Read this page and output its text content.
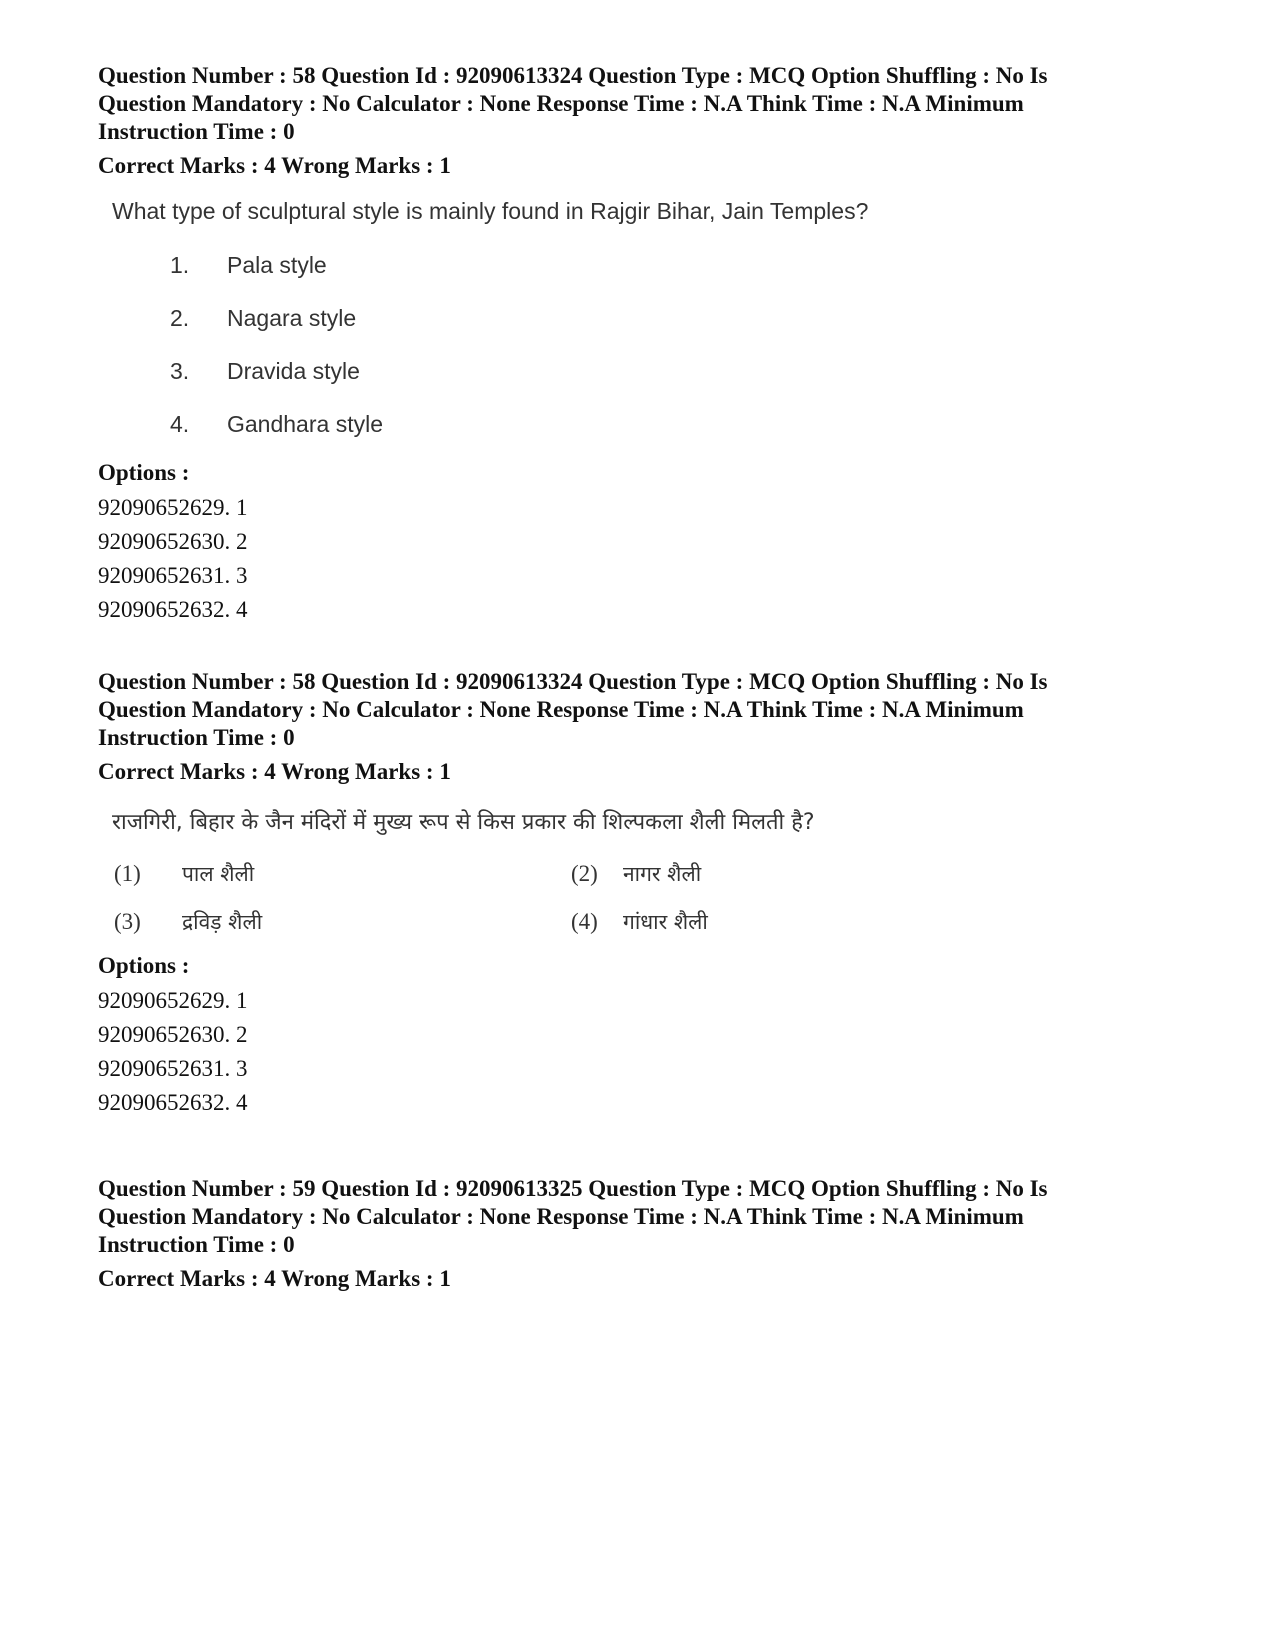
Question Number : 58 Question Id : 92090613324 Question Type : MCQ Option Shuffling : No Is
Question Mandatory : No Calculator : None Response Time : N.A Think Time : N.A Minimum
Instruction Time : 0
Correct Marks : 4 Wrong Marks : 1
What type of sculptural style is mainly found in Rajgir Bihar, Jain Temples?
1.	Pala style
2.	Nagara style
3.	Dravida style
4.	Gandhara style
Options :
92090652629. 1
92090652630. 2
92090652631. 3
92090652632. 4
Question Number : 58 Question Id : 92090613324 Question Type : MCQ Option Shuffling : No Is
Question Mandatory : No Calculator : None Response Time : N.A Think Time : N.A Minimum
Instruction Time : 0
Correct Marks : 4 Wrong Marks : 1
राजगिरी, बिहार के जैन मंदिरों में मुख्य रूप से किस प्रकार की शिल्पकला शैली मिलती है?
(1)	पाल शैली	(2)	नागर शैली
(3)	द्रविड़ शैली	(4)	गांधार शैली
Options :
92090652629. 1
92090652630. 2
92090652631. 3
92090652632. 4
Question Number : 59 Question Id : 92090613325 Question Type : MCQ Option Shuffling : No Is
Question Mandatory : No Calculator : None Response Time : N.A Think Time : N.A Minimum
Instruction Time : 0
Correct Marks : 4 Wrong Marks : 1
